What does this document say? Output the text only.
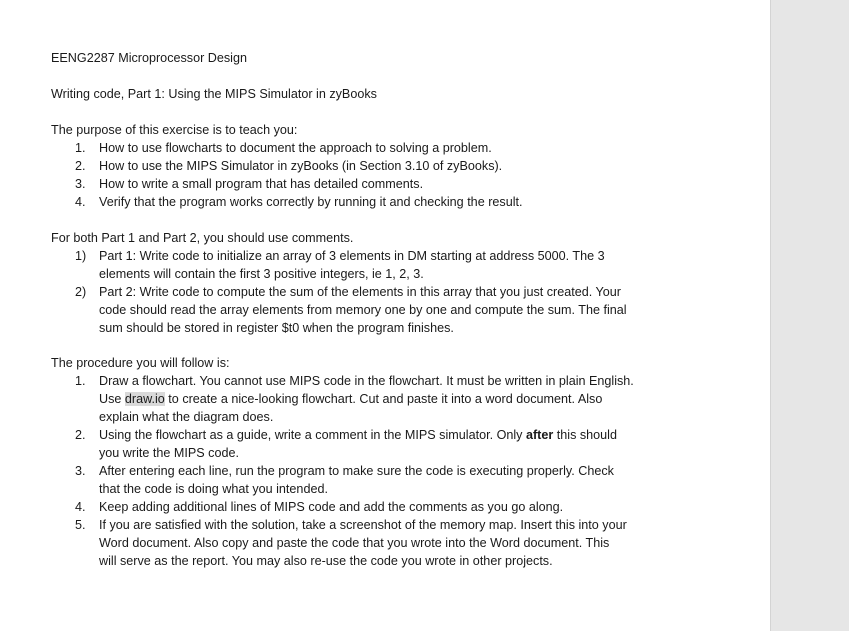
EENG2287 Microprocessor Design
Writing code, Part 1: Using the MIPS Simulator in zyBooks
The purpose of this exercise is to teach you:
1. How to use flowcharts to document the approach to solving a problem.
2. How to use the MIPS Simulator in zyBooks (in Section 3.10 of zyBooks).
3. How to write a small program that has detailed comments.
4. Verify that the program works correctly by running it and checking the result.
For both Part 1 and Part 2, you should use comments.
1) Part 1: Write code to initialize an array of 3 elements in DM starting at address 5000. The 3
elements will contain the first 3 positive integers, ie 1, 2, 3.
2) Part 2: Write code to compute the sum of the elements in this array that you just created. Your
code should read the array elements from memory one by one and compute the sum. The final
sum should be stored in register $t0 when the program finishes.
The procedure you will follow is:
1. Draw a flowchart. You cannot use MIPS code in the flowchart. It must be written in plain English.
Use draw.io to create a nice-looking flowchart. Cut and paste it into a word document. Also
explain what the diagram does.
2. Using the flowchart as a guide, write a comment in the MIPS simulator. Only after this should
you write the MIPS code.
3. After entering each line, run the program to make sure the code is executing properly. Check
that the code is doing what you intended.
4. Keep adding additional lines of MIPS code and add the comments as you go along.
5. If you are satisfied with the solution, take a screenshot of the memory map. Insert this into your
Word document. Also copy and paste the code that you wrote into the Word document. This
will serve as the report. You may also re-use the code you wrote in other projects.
